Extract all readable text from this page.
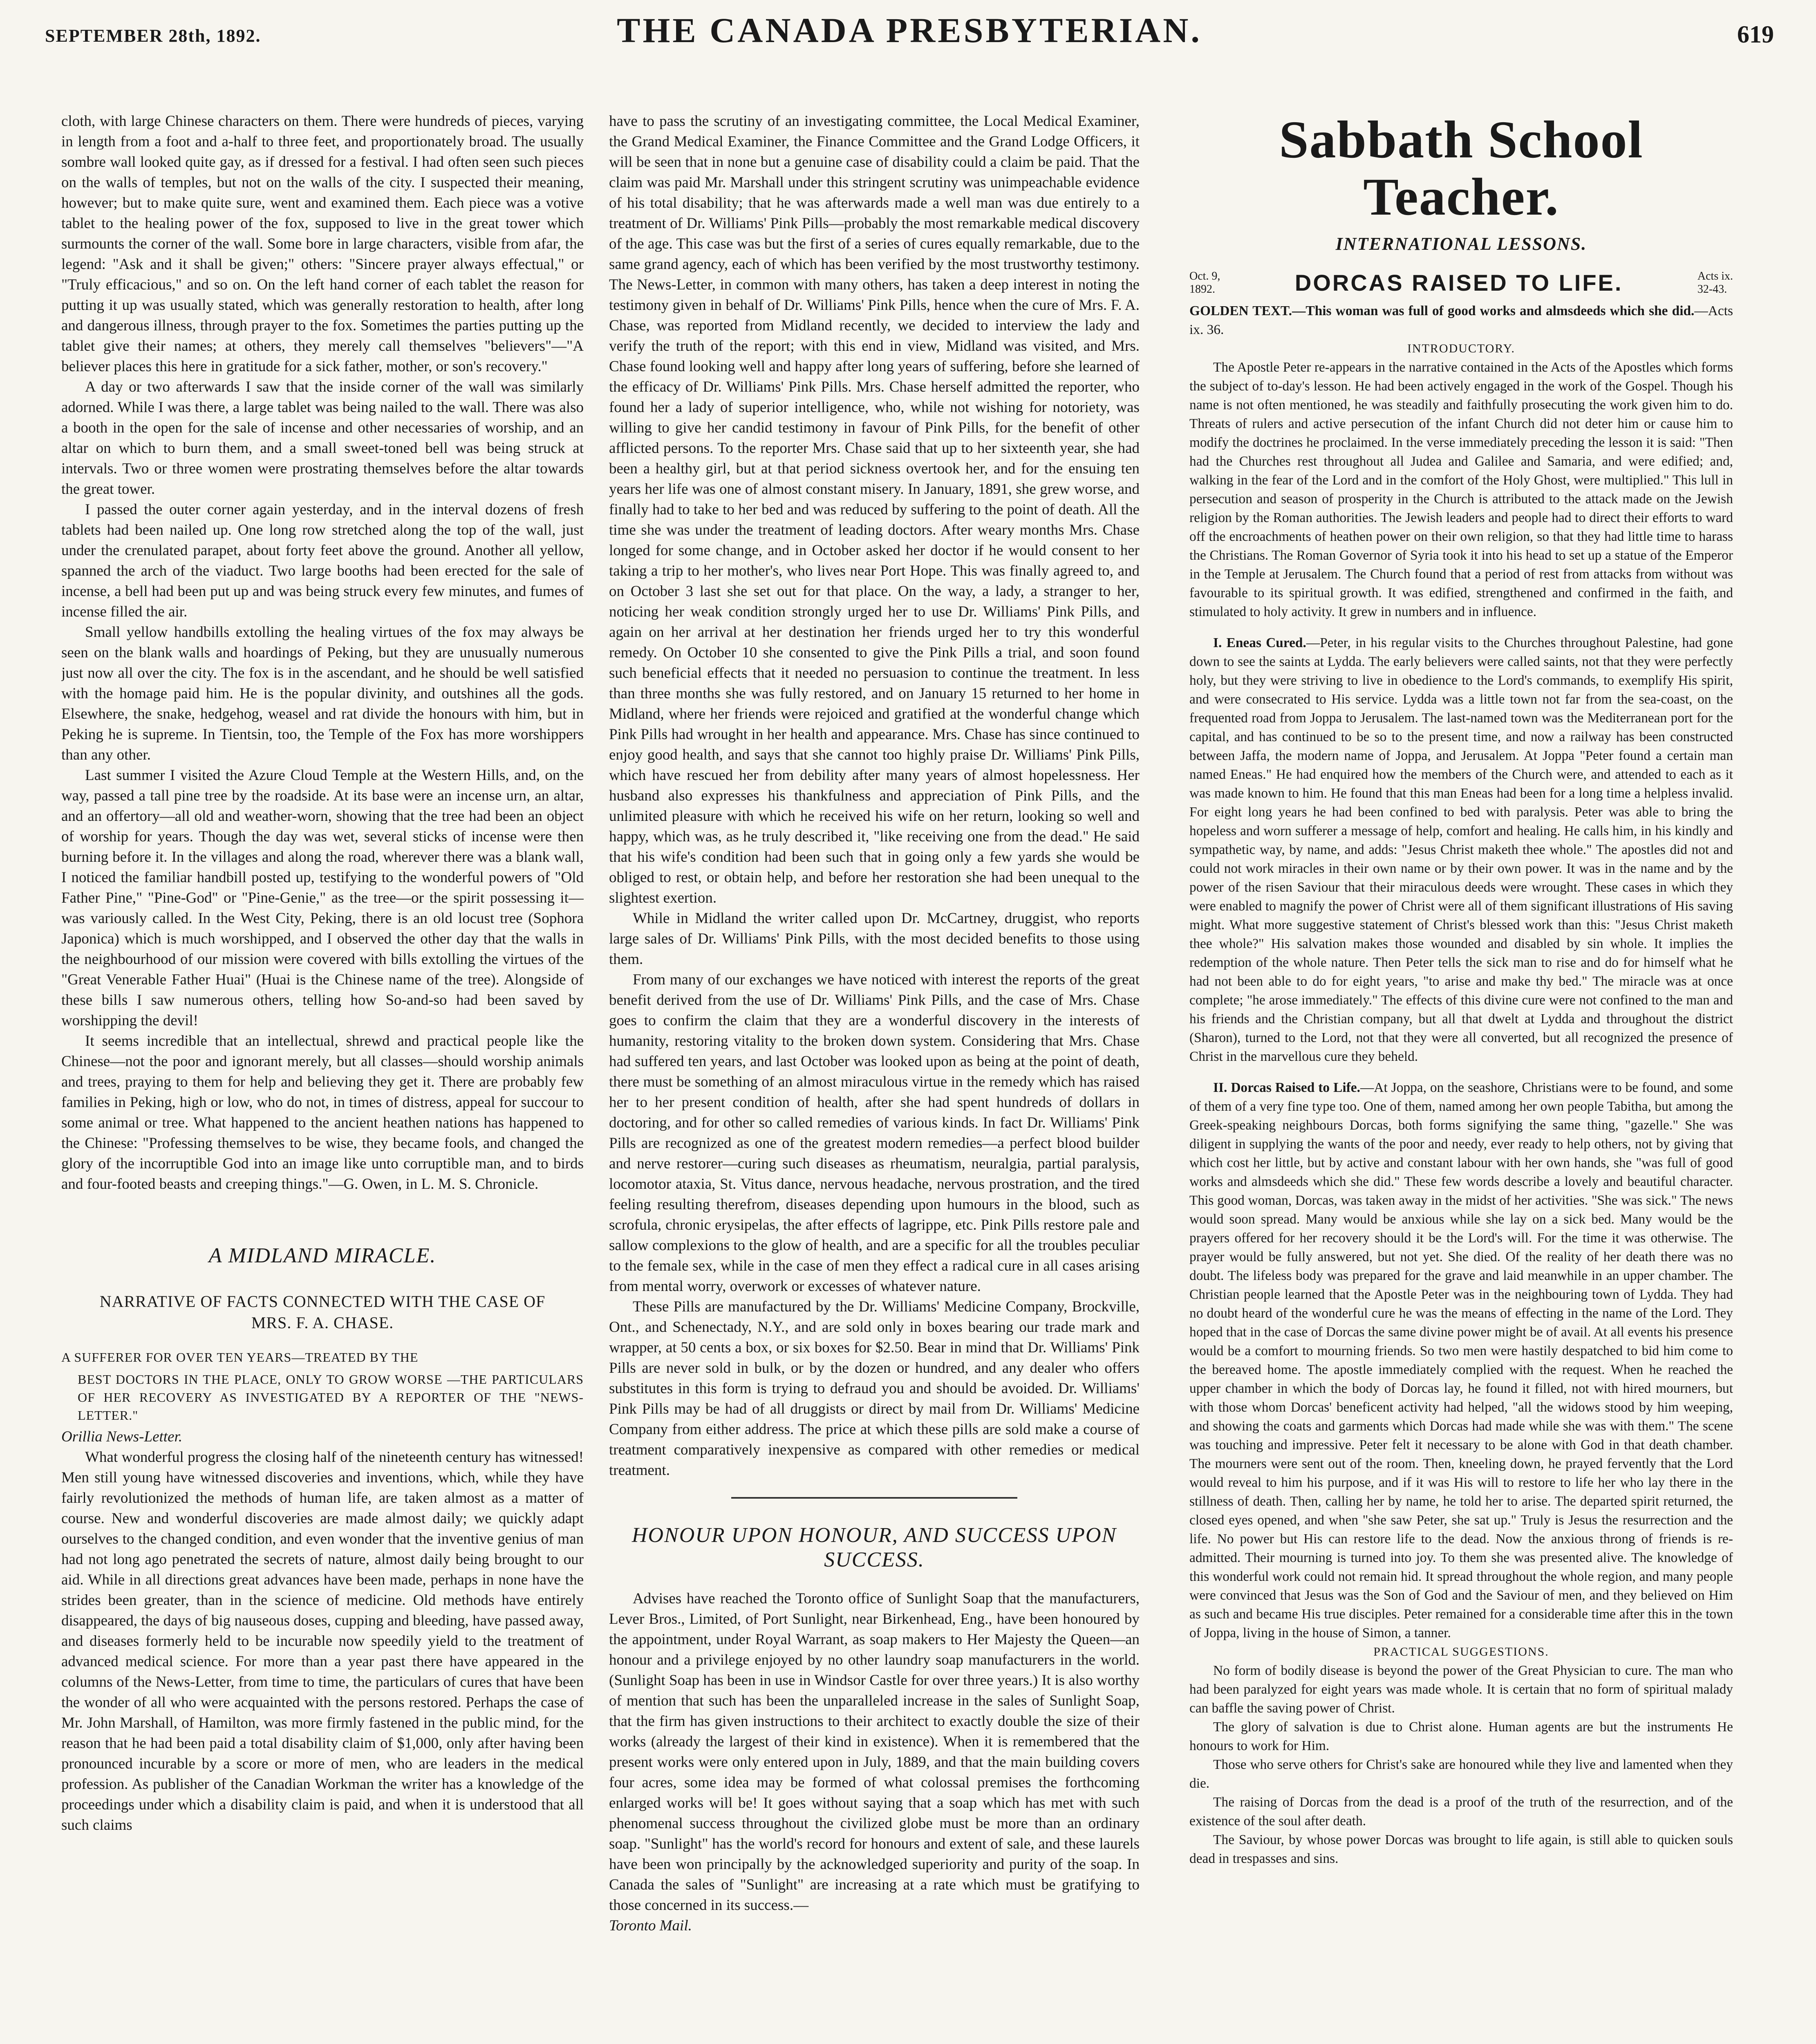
SEPTEMBER 28th, 1892.	THE CANADA PRESBYTERIAN.	619

cloth, with large Chinese characters on them. There were hundreds of pieces, varying in length from a foot and a-half to three feet, and proportionately broad. The usually sombre wall looked quite gay, as if dressed for a festival. I had often seen such pieces on the walls of temples, but not on the walls of the city. I suspected their meaning, however; but to make quite sure, went and examined them. Each piece was a votive tablet to the healing power of the fox, supposed to live in the great tower which surmounts the corner of the wall. Some bore in large characters, visible from afar, the legend: "Ask and it shall be given;" others: "Sincere prayer always effectual," or "Truly efficacious," and so on. On the left hand corner of each tablet the reason for putting it up was usually stated, which was generally restoration to health, after long and dangerous illness, through prayer to the fox. Sometimes the parties putting up the tablet give their names; at others, they merely call themselves "believers"—"A believer places this here in gratitude for a sick father, mother, or son's recovery."

A day or two afterwards I saw that the inside corner of the wall was similarly adorned. While I was there, a large tablet was being nailed to the wall. There was also a booth in the open for the sale of incense and other necessaries of worship, and an altar on which to burn them, and a small sweet-toned bell was being struck at intervals. Two or three women were prostrating themselves before the altar towards the great tower.

I passed the outer corner again yesterday, and in the interval dozens of fresh tablets had been nailed up. One long row stretched along the top of the wall, just under the crenulated parapet, about forty feet above the ground. Another all yellow, spanned the arch of the viaduct. Two large booths had been erected for the sale of incense, a bell had been put up and was being struck every few minutes, and fumes of incense filled the air.

Small yellow handbills extolling the healing virtues of the fox may always be seen on the blank walls and hoardings of Peking, but they are unusually numerous just now all over the city. The fox is in the ascendant, and he should be well satisfied with the homage paid him. He is the popular divinity, and outshines all the gods. Elsewhere, the snake, hedgehog, weasel and rat divide the honours with him, but in Peking he is supreme. In Tientsin, too, the Temple of the Fox has more worshippers than any other.

Last summer I visited the Azure Cloud Temple at the Western Hills, and, on the way, passed a tall pine tree by the roadside. At its base were an incense urn, an altar, and an offertory—all old and weather-worn, showing that the tree had been an object of worship for years. Though the day was wet, several sticks of incense were then burning before it. In the villages and along the road, wherever there was a blank wall, I noticed the familiar handbill posted up, testifying to the wonderful powers of "Old Father Pine," "Pine-God" or "Pine-Genie," as the tree—or the spirit possessing it—was variously called. In the West City, Peking, there is an old locust tree (Sophora Japonica) which is much worshipped, and I observed the other day that the walls in the neighbourhood of our mission were covered with bills extolling the virtues of the "Great Venerable Father Huai" (Huai is the Chinese name of the tree). Alongside of these bills I saw numerous others, telling how So-and-so had been saved by worshipping the devil!

It seems incredible that an intellectual, shrewd and practical people like the Chinese—not the poor and ignorant merely, but all classes—should worship animals and trees, praying to them for help and believing they get it. There are probably few families in Peking, high or low, who do not, in times of distress, appeal for succour to some animal or tree. What happened to the ancient heathen nations has happened to the Chinese: "Professing themselves to be wise, they became fools, and changed the glory of the incorruptible God into an image like unto corruptible man, and to birds and four-footed beasts and creeping things."—G. Owen, in L. M. S. Chronicle.

A MIDLAND MIRACLE.
NARRATIVE OF FACTS CONNECTED WITH THE CASE OF
MRS. F. A. CHASE.
A SUFFERER FOR OVER TEN YEARS—TREATED BY THE
BEST DOCTORS IN THE PLACE, ONLY TO GROW WORSE —THE PARTICULARS OF HER RECOVERY AS INVESTIGATED BY A REPORTER OF THE "NEWS-LETTER."

Orillia News-Letter.

What wonderful progress the closing half of the nineteenth century has witnessed! Men still young have witnessed discoveries and inventions, which, while they have fairly revolutionized the methods of human life, are taken almost as a matter of course. New and wonderful discoveries are made almost daily; we quickly adapt ourselves to the changed condition, and even wonder that the inventive genius of man had not long ago penetrated the secrets of nature, almost daily being brought to our aid. While in all directions great advances have been made, perhaps in none have the strides been greater, than in the science of medicine. Old methods have entirely disappeared, the days of big nauseous doses, cupping and bleeding, have passed away, and diseases formerly held to be incurable now speedily yield to the treatment of advanced medical science. For more than a year past there have appeared in the columns of the News-Letter, from time to time, the particulars of cures that have been the wonder of all who were acquainted with the persons restored. Perhaps the case of Mr. John Marshall, of Hamilton, was more firmly fastened in the public mind, for the reason that he had been paid a total disability claim of $1,000, only after having been pronounced incurable by a score or more of men, who are leaders in the medical profession. As publisher of the Canadian Workman the writer has a knowledge of the proceedings under which a disability claim is paid, and when it is understood that all such claims

have to pass the scrutiny of an investigating committee, the Local Medical Examiner, the Grand Medical Examiner, the Finance Committee and the Grand Lodge Officers, it will be seen that in none but a genuine case of disability could a claim be paid. That the claim was paid Mr. Marshall under this stringent scrutiny was unimpeachable evidence of his total disability; that he was afterwards made a well man was due entirely to a treatment of Dr. Williams' Pink Pills—probably the most remarkable medical discovery of the age. This case was but the first of a series of cures equally remarkable, due to the same grand agency, each of which has been verified by the most trustworthy testimony. The News-Letter, in common with many others, has taken a deep interest in noting the testimony given in behalf of Dr. Williams' Pink Pills, hence when the cure of Mrs. F. A. Chase, was reported from Midland recently, we decided to interview the lady and verify the truth of the report; with this end in view, Midland was visited, and Mrs. Chase found looking well and happy after long years of suffering, before she learned of the efficacy of Dr. Williams' Pink Pills. Mrs. Chase herself admitted the reporter, who found her a lady of superior intelligence, who, while not wishing for notoriety, was willing to give her candid testimony in favour of Pink Pills, for the benefit of other afflicted persons. To the reporter Mrs. Chase said that up to her sixteenth year, she had been a healthy girl, but at that period sickness overtook her, and for the ensuing ten years her life was one of almost constant misery. In January, 1891, she grew worse, and finally had to take to her bed and was reduced by suffering to the point of death. All the time she was under the treatment of leading doctors. After weary months Mrs. Chase longed for some change, and in October asked her doctor if he would consent to her taking a trip to her mother's, who lives near Port Hope. This was finally agreed to, and on October 3 last she set out for that place. On the way, a lady, a stranger to her, noticing her weak condition strongly urged her to use Dr. Williams' Pink Pills, and again on her arrival at her destination her friends urged her to try this wonderful remedy. On October 10 she consented to give the Pink Pills a trial, and soon found such beneficial effects that it needed no persuasion to continue the treatment. In less than three months she was fully restored, and on January 15 returned to her home in Midland, where her friends were rejoiced and gratified at the wonderful change which Pink Pills had wrought in her health and appearance. Mrs. Chase has since continued to enjoy good health, and says that she cannot too highly praise Dr. Williams' Pink Pills, which have rescued her from debility after many years of almost hopelessness. Her husband also expresses his thankfulness and appreciation of Pink Pills, and the unlimited pleasure with which he received his wife on her return, looking so well and happy, which was, as he truly described it, "like receiving one from the dead." He said that his wife's condition had been such that in going only a few yards she would be obliged to rest, or obtain help, and before her restoration she had been unequal to the slightest exertion.

While in Midland the writer called upon Dr. McCartney, druggist, who reports large sales of Dr. Williams' Pink Pills, with the most decided benefits to those using them.

From many of our exchanges we have noticed with interest the reports of the great benefit derived from the use of Dr. Williams' Pink Pills, and the case of Mrs. Chase goes to confirm the claim that they are a wonderful discovery in the interests of humanity, restoring vitality to the broken down system. Considering that Mrs. Chase had suffered ten years, and last October was looked upon as being at the point of death, there must be something of an almost miraculous virtue in the remedy which has raised her to her present condition of health, after she had spent hundreds of dollars in doctoring, and for other so called remedies of various kinds. In fact Dr. Williams' Pink Pills are recognized as one of the greatest modern remedies—a perfect blood builder and nerve restorer—curing such diseases as rheumatism, neuralgia, partial paralysis, locomotor ataxia, St. Vitus dance, nervous headache, nervous prostration, and the tired feeling resulting therefrom, diseases depending upon humours in the blood, such as scrofula, chronic erysipelas, the after effects of lagrippe, etc. Pink Pills restore pale and sallow complexions to the glow of health, and are a specific for all the troubles peculiar to the female sex, while in the case of men they effect a radical cure in all cases arising from mental worry, overwork or excesses of whatever nature.

These Pills are manufactured by the Dr. Williams' Medicine Company, Brockville, Ont., and Schenectady, N.Y., and are sold only in boxes bearing our trade mark and wrapper, at 50 cents a box, or six boxes for $2.50. Bear in mind that Dr. Williams' Pink Pills are never sold in bulk, or by the dozen or hundred, and any dealer who offers substitutes in this form is trying to defraud you and should be avoided. Dr. Williams' Pink Pills may be had of all druggists or direct by mail from Dr. Williams' Medicine Company from either address. The price at which these pills are sold make a course of treatment comparatively inexpensive as compared with other remedies or medical treatment.

HONOUR UPON HONOUR, AND SUCCESS UPON SUCCESS.

Advises have reached the Toronto office of Sunlight Soap that the manufacturers, Lever Bros., Limited, of Port Sunlight, near Birkenhead, Eng., have been honoured by the appointment, under Royal Warrant, as soap makers to Her Majesty the Queen—an honour and a privilege enjoyed by no other laundry soap manufacturers in the world. (Sunlight Soap has been in use in Windsor Castle for over three years.) It is also worthy of mention that such has been the unparalleled increase in the sales of Sunlight Soap, that the firm has given instructions to their architect to exactly double the size of their works (already the largest of their kind in existence). When it is remembered that the present works were only entered upon in July, 1889, and that the main building covers four acres, some idea may be formed of what colossal premises the forthcoming enlarged works will be! It goes without saying that a soap which has met with such phenomenal success throughout the civilized globe must be more than an ordinary soap. "Sunlight" has the world's record for honours and extent of sale, and these laurels have been won principally by the acknowledged superiority and purity of the soap. In Canada the sales of "Sunlight" are increasing at a rate which must be gratifying to those concerned in its success.—

Toronto Mail.

Sabbath School Teacher.
INTERNATIONAL LESSONS.
Oct. 9,
1892.	DORCAS RAISED TO LIFE.	Acts ix.
32-43.

GOLDEN TEXT.—This woman was full of good works and almsdeeds which she did.—Acts ix. 36.

INTRODUCTORY.

The Apostle Peter re-appears in the narrative contained in the Acts of the Apostles which forms the subject of to-day's lesson. He had been actively engaged in the work of the Gospel. Though his name is not often mentioned, he was steadily and faithfully prosecuting the work given him to do. Threats of rulers and active persecution of the infant Church did not deter him or cause him to modify the doctrines he proclaimed. In the verse immediately preceding the lesson it is said: "Then had the Churches rest throughout all Judea and Galilee and Samaria, and were edified; and, walking in the fear of the Lord and in the comfort of the Holy Ghost, were multiplied." This lull in persecution and season of prosperity in the Church is attributed to the attack made on the Jewish religion by the Roman authorities. The Jewish leaders and people had to direct their efforts to ward off the encroachments of heathen power on their own religion, so that they had little time to harass the Christians. The Roman Governor of Syria took it into his head to set up a statue of the Emperor in the Temple at Jerusalem. The Church found that a period of rest from attacks from without was favourable to its spiritual growth. It was edified, strengthened and confirmed in the faith, and stimulated to holy activity. It grew in numbers and in influence.

I. Eneas Cured.—Peter, in his regular visits to the Churches throughout Palestine, had gone down to see the saints at Lydda. The early believers were called saints, not that they were perfectly holy, but they were striving to live in obedience to the Lord's commands, to exemplify His spirit, and were consecrated to His service. Lydda was a little town not far from the sea-coast, on the frequented road from Joppa to Jerusalem. The last-named town was the Mediterranean port for the capital, and has continued to be so to the present time, and now a railway has been constructed between Jaffa, the modern name of Joppa, and Jerusalem. At Joppa "Peter found a certain man named Eneas." He had enquired how the members of the Church were, and attended to each as it was made known to him. He found that this man Eneas had been for a long time a helpless invalid. For eight long years he had been confined to bed with paralysis. Peter was able to bring the hopeless and worn sufferer a message of help, comfort and healing. He calls him, in his kindly and sympathetic way, by name, and adds: "Jesus Christ maketh thee whole." The apostles did not and could not work miracles in their own name or by their own power. It was in the name and by the power of the risen Saviour that their miraculous deeds were wrought. These cases in which they were enabled to magnify the power of Christ were all of them significant illustrations of His saving might. What more suggestive statement of Christ's blessed work than this: "Jesus Christ maketh thee whole?" His salvation makes those wounded and disabled by sin whole. It implies the redemption of the whole nature. Then Peter tells the sick man to rise and do for himself what he had not been able to do for eight years, "to arise and make thy bed." The miracle was at once complete; "he arose immediately." The effects of this divine cure were not confined to the man and his friends and the Christian company, but all that dwelt at Lydda and throughout the district (Sharon), turned to the Lord, not that they were all converted, but all recognized the presence of Christ in the marvellous cure they beheld.

II. Dorcas Raised to Life.—At Joppa, on the seashore, Christians were to be found, and some of them of a very fine type too. One of them, named among her own people Tabitha, but among the Greek-speaking neighbours Dorcas, both forms signifying the same thing, "gazelle." She was diligent in supplying the wants of the poor and needy, ever ready to help others, not by giving that which cost her little, but by active and constant labour with her own hands, she "was full of good works and almsdeeds which she did." These few words describe a lovely and beautiful character. This good woman, Dorcas, was taken away in the midst of her activities. "She was sick." The news would soon spread. Many would be anxious while she lay on a sick bed. Many would be the prayers offered for her recovery should it be the Lord's will. For the time it was otherwise. The prayer would be fully answered, but not yet. She died. Of the reality of her death there was no doubt. The lifeless body was prepared for the grave and laid meanwhile in an upper chamber. The Christian people learned that the Apostle Peter was in the neighbouring town of Lydda. They had no doubt heard of the wonderful cure he was the means of effecting in the name of the Lord. They hoped that in the case of Dorcas the same divine power might be of avail. At all events his presence would be a comfort to mourning friends. So two men were hastily despatched to bid him come to the bereaved home. The apostle immediately complied with the request. When he reached the upper chamber in which the body of Dorcas lay, he found it filled, not with hired mourners, but with those whom Dorcas' beneficent activity had helped, "all the widows stood by him weeping, and showing the coats and garments which Dorcas had made while she was with them." The scene was touching and impressive. Peter felt it necessary to be alone with God in that death chamber. The mourners were sent out of the room. Then, kneeling down, he prayed fervently that the Lord would reveal to him his purpose, and if it was His will to restore to life her who lay there in the stillness of death. Then, calling her by name, he told her to arise. The departed spirit returned, the closed eyes opened, and when "she saw Peter, she sat up." Truly is Jesus the resurrection and the life. No power but His can restore life to the dead. Now the anxious throng of friends is re-admitted. Their mourning is turned into joy. To them she was presented alive. The knowledge of this wonderful work could not remain hid. It spread throughout the whole region, and many people were convinced that Jesus was the Son of God and the Saviour of men, and they believed on Him as such and became His true disciples. Peter remained for a considerable time after this in the town of Joppa, living in the house of Simon, a tanner.

PRACTICAL SUGGESTIONS.

No form of bodily disease is beyond the power of the Great Physician to cure. The man who had been paralyzed for eight years was made whole. It is certain that no form of spiritual malady can baffle the saving power of Christ.

The glory of salvation is due to Christ alone. Human agents are but the instruments He honours to work for Him.

Those who serve others for Christ's sake are honoured while they live and lamented when they die.

The raising of Dorcas from the dead is a proof of the truth of the resurrection, and of the existence of the soul after death.

The Saviour, by whose power Dorcas was brought to life again, is still able to quicken souls dead in trespasses and sins.
